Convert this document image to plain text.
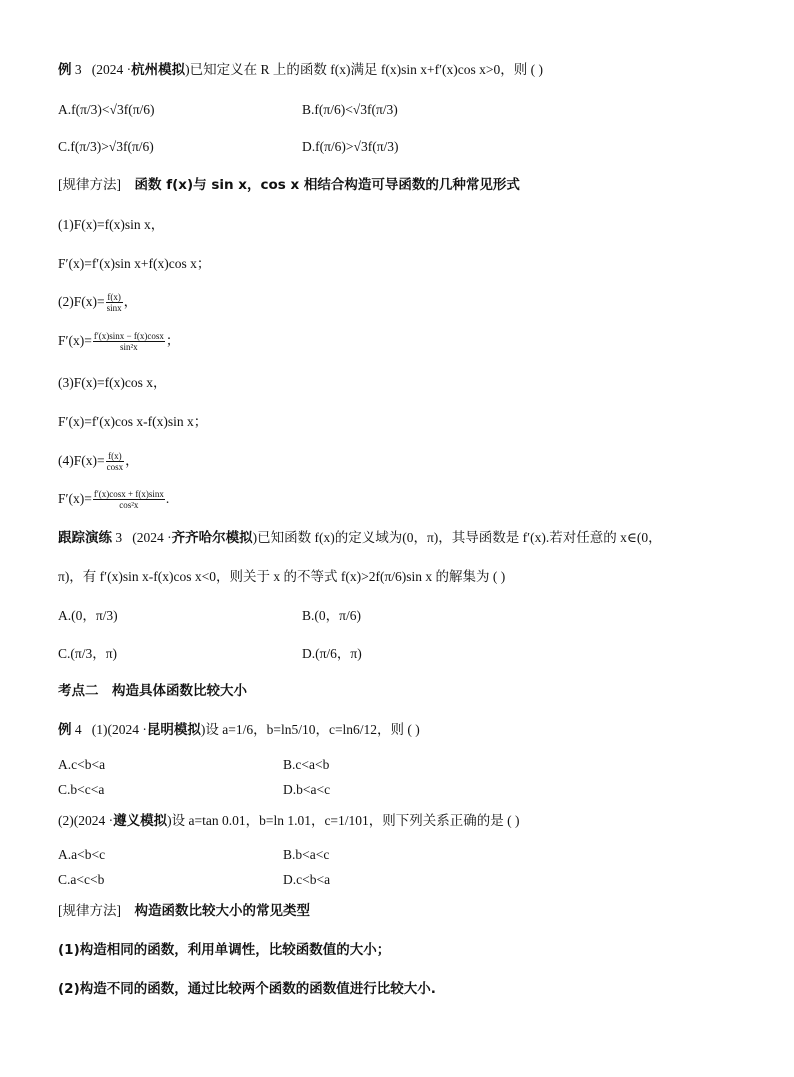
例 3 (2024 ·杭州模拟)已知定义在 R 上的函数 f(x)满足 f(x)sin x+f′(x)cos x>0，则 ( )
A.f(π/3)<√3f(π/6)	B.f(π/6)<√3f(π/3)
C.f(π/3)>√3f(π/6)	D.f(π/6)>√3f(π/3)
[规律方法] 函数 f(x)与 sin x，cos x 相结合构造可导函数的几种常见形式
(1)F(x)=f(x)sin x，
F′(x)=f′(x)sin x+f(x)cos x；
$(2)F(x)= \frac{f(x)}{\sin x}$ ，
$F'(x)= \frac{f'(x)\sin x - f(x)\cos x}{\text{sin²x}}$ ；
(3)F(x)=f(x)cos x，
F′(x)=f′(x)cos x-f(x)sin x；
$(4)F(x)= \frac{f(x)}{\cos x}$ ，
$F'(x)= \frac{f'(x)\cos x + f(x)\sin x}{\text{cos²x}}$ .
跟踪演练 3 (2024 ·齐齐哈尔模拟)已知函数 f(x)的定义域为(0，π)，其导函数是 f′(x).若对任意的 x∈(0，
π)，有 f′(x)sin x-f(x)cos x<0，则关于 x 的不等式 f(x)>2f(π/6)sin x 的解集为 ( )
A.(0，π/3)	B.(0，π/6)
C.(π/3，π)	D.(π/6，π)
考点二　构造具体函数比较大小
例 4 (1)(2024 ·昆明模拟)设 a=1/6，b=ln5/10，c=ln6/12，则 ( )
A.c<b<a	B.c<a<b
C.b<c<a	D.b<a<c
(2)(2024 ·遵义模拟)设 a=tan 0.01，b=ln 1.01，c=1/101，则下列关系正确的是 ( )
A.a<b<c	B.b<a<c
C.a<c<b	D.c<b<a
[规律方法] 构造函数比较大小的常见类型
(1)构造相同的函数，利用单调性，比较函数值的大小；
(2)构造不同的函数，通过比较两个函数的函数值进行比较大小.
